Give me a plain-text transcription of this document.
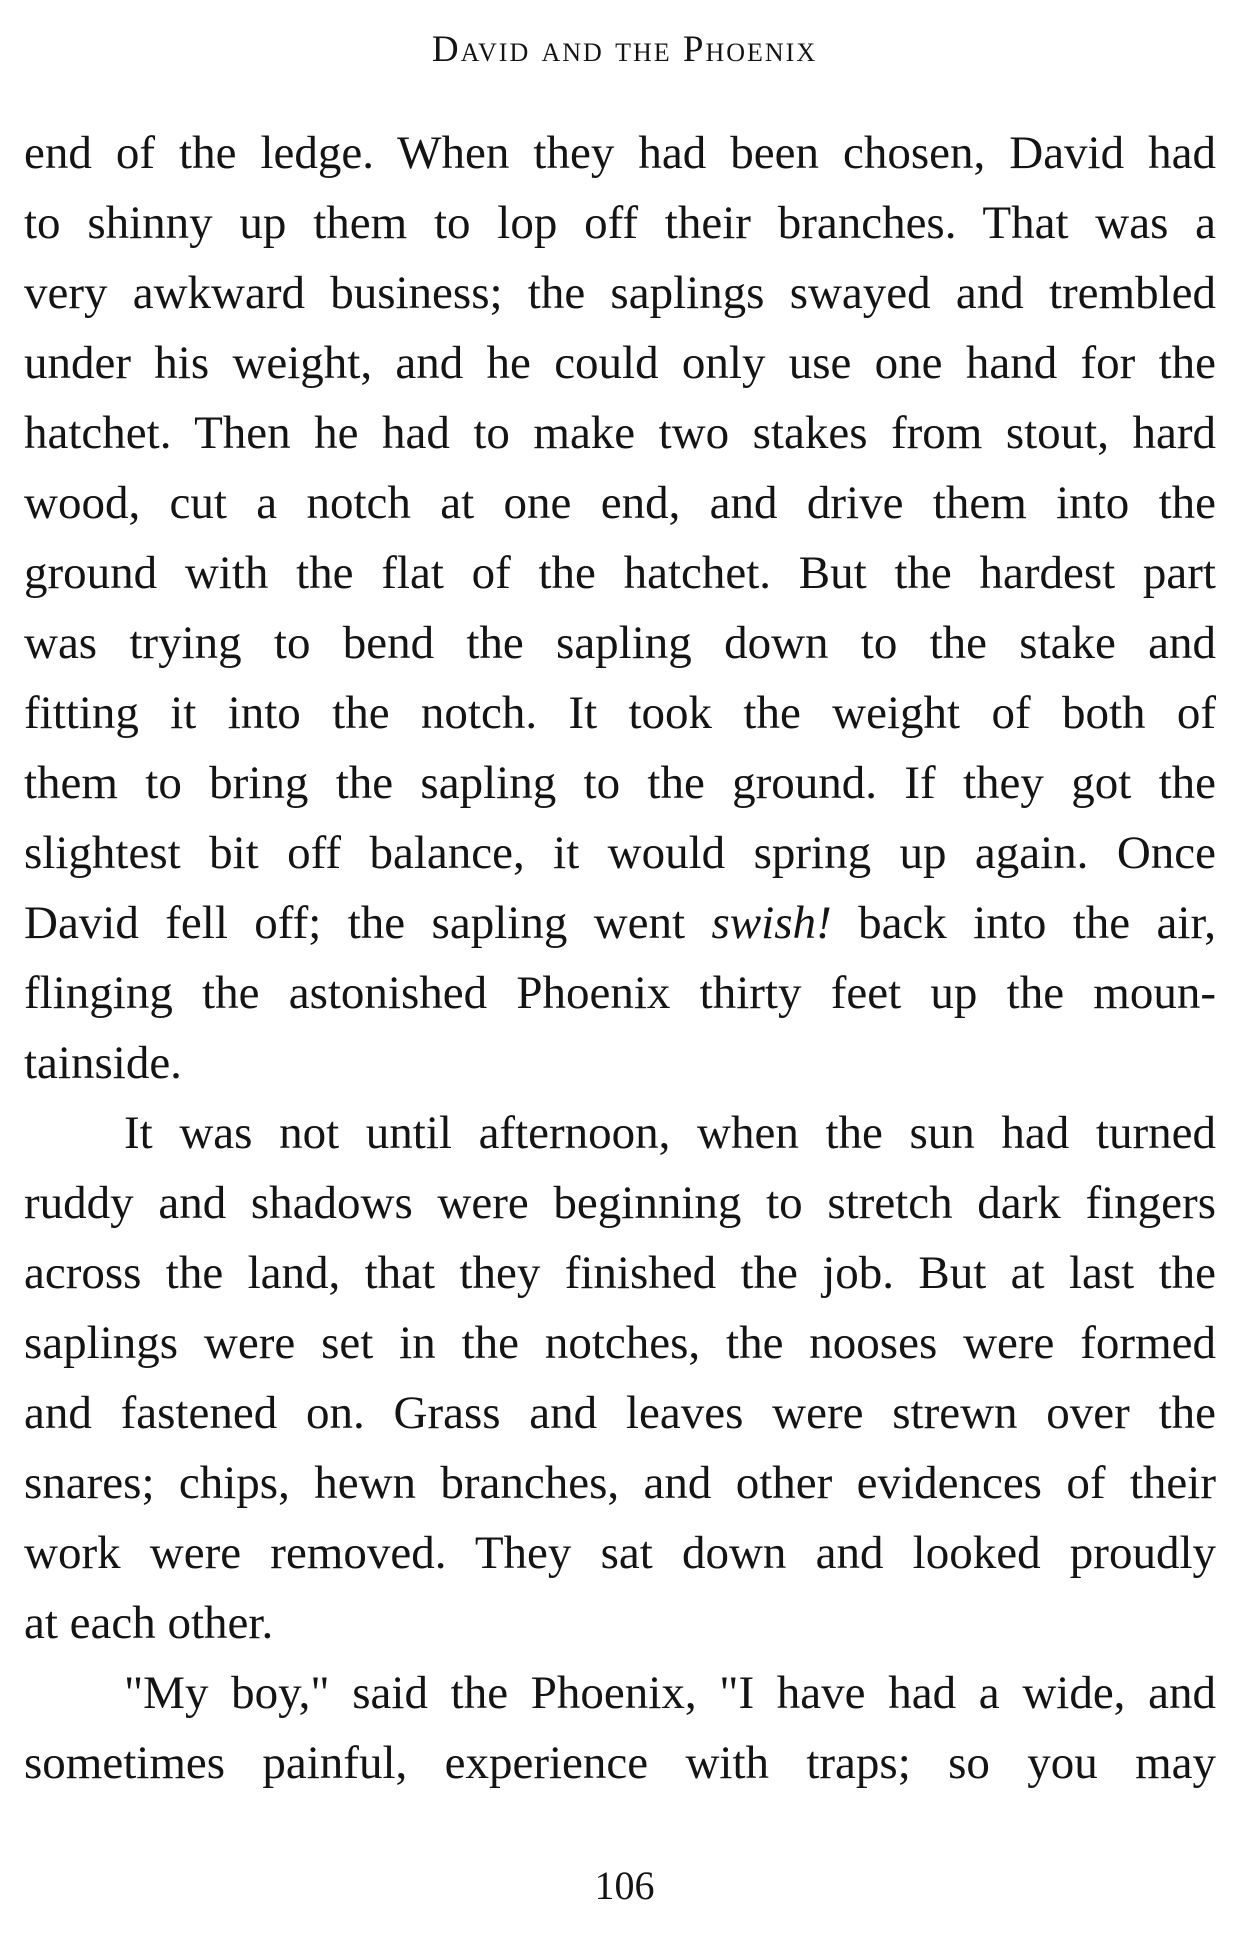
David and the Phoenix
end of the ledge. When they had been chosen, David had
to shinny up them to lop off their branches. That was a
very awkward business; the saplings swayed and trembled
under his weight, and he could only use one hand for the
hatchet. Then he had to make two stakes from stout, hard
wood, cut a notch at one end, and drive them into the
ground with the flat of the hatchet. But the hardest part
was trying to bend the sapling down to the stake and
fitting it into the notch. It took the weight of both of
them to bring the sapling to the ground. If they got the
slightest bit off balance, it would spring up again. Once
David fell off; the sapling went swish! back into the air,
flinging the astonished Phoenix thirty feet up the moun-
tainside.
It was not until afternoon, when the sun had turned
ruddy and shadows were beginning to stretch dark fingers
across the land, that they finished the job. But at last the
saplings were set in the notches, the nooses were formed
and fastened on. Grass and leaves were strewn over the
snares; chips, hewn branches, and other evidences of their
work were removed. They sat down and looked proudly
at each other.
"My boy," said the Phoenix, "I have had a wide, and
sometimes painful, experience with traps; so you may
106
